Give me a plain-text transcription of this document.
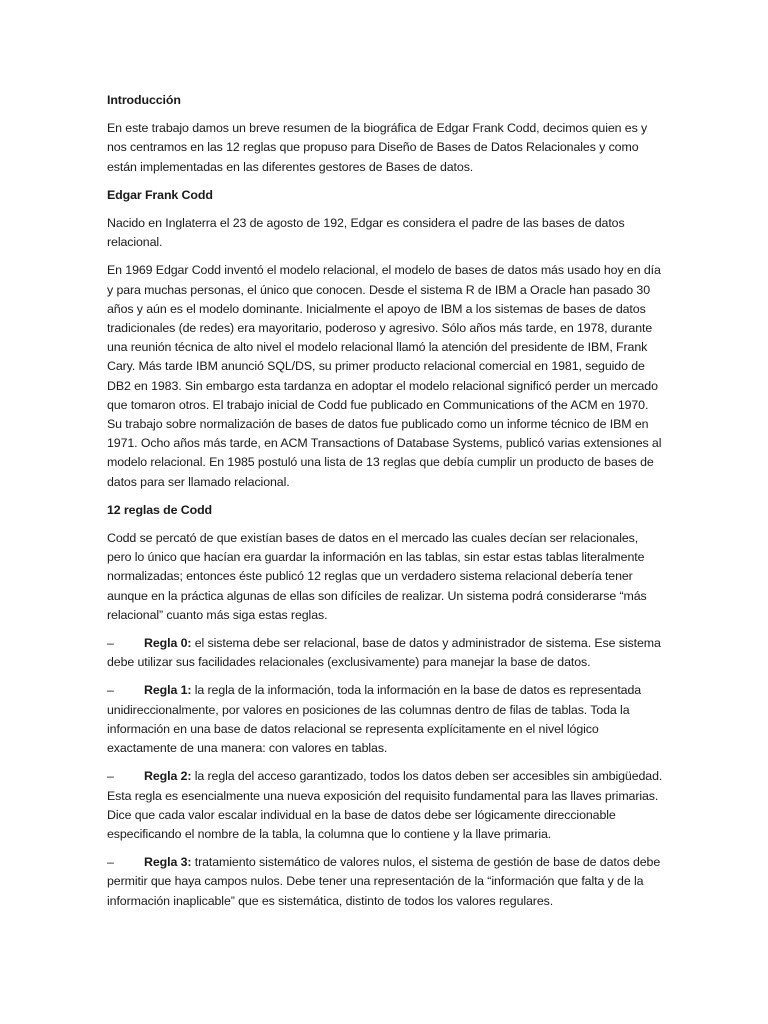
Introducción
En este trabajo damos un breve resumen de la biográfica de Edgar Frank Codd, decimos quien es y nos centramos en las 12 reglas que propuso para Diseño de Bases de Datos Relacionales y como están implementadas en las diferentes gestores de Bases de datos.
Edgar Frank Codd
Nacido en Inglaterra el 23 de agosto de 192, Edgar es considera el padre de las bases de datos relacional.
En 1969 Edgar Codd inventó el modelo relacional, el modelo de bases de datos más usado hoy en día y para muchas personas, el único que conocen. Desde el sistema R de IBM a Oracle han pasado 30 años y aún es el modelo dominante. Inicialmente el apoyo de IBM a los sistemas de bases de datos tradicionales (de redes) era mayoritario, poderoso y agresivo. Sólo años más tarde, en 1978, durante una reunión técnica de alto nivel el modelo relacional llamó la atención del presidente de IBM, Frank Cary. Más tarde IBM anunció SQL/DS, su primer producto relacional comercial en 1981, seguido de DB2 en 1983. Sin embargo esta tardanza en adoptar el modelo relacional significó perder un mercado que tomaron otros. El trabajo inicial de Codd fue publicado en Communications of the ACM en 1970. Su trabajo sobre normalización de bases de datos fue publicado como un informe técnico de IBM en 1971. Ocho años más tarde, en ACM Transactions of Database Systems, publicó varias extensiones al modelo relacional. En 1985 postuló una lista de 13 reglas que debía cumplir un producto de bases de datos para ser llamado relacional.
12 reglas de Codd
Codd se percató de que existían bases de datos en el mercado las cuales decían ser relacionales, pero lo único que hacían era guardar la información en las tablas, sin estar estas tablas literalmente normalizadas; entonces éste publicó 12 reglas que un verdadero sistema relacional debería tener aunque en la práctica algunas de ellas son difíciles de realizar. Un sistema podrá considerarse “más relacional” cuanto más siga estas reglas.
– Regla 0: el sistema debe ser relacional, base de datos y administrador de sistema. Ese sistema debe utilizar sus facilidades relacionales (exclusivamente) para manejar la base de datos.
– Regla 1: la regla de la información, toda la información en la base de datos es representada unidireccionalmente, por valores en posiciones de las columnas dentro de filas de tablas. Toda la información en una base de datos relacional se representa explícitamente en el nivel lógico exactamente de una manera: con valores en tablas.
– Regla 2: la regla del acceso garantizado, todos los datos deben ser accesibles sin ambigüedad. Esta regla es esencialmente una nueva exposición del requisito fundamental para las llaves primarias. Dice que cada valor escalar individual en la base de datos debe ser lógicamente direccionable especificando el nombre de la tabla, la columna que lo contiene y la llave primaria.
– Regla 3: tratamiento sistemático de valores nulos, el sistema de gestión de base de datos debe permitir que haya campos nulos. Debe tener una representación de la “información que falta y de la información inaplicable” que es sistemática, distinto de todos los valores regulares.
